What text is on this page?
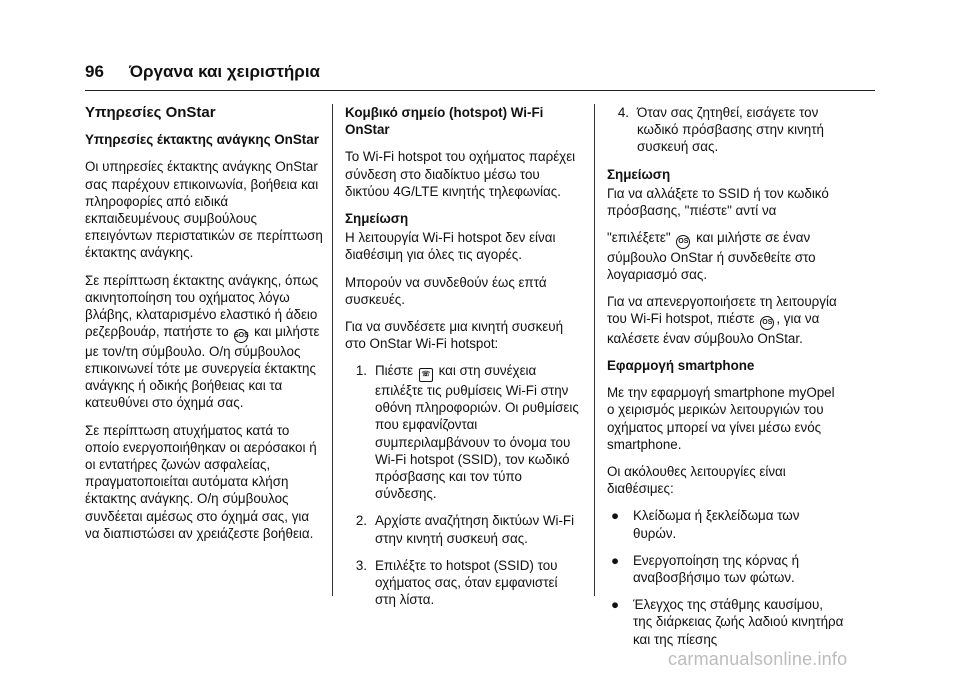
96 Όργανα και χειριστήρια
Υπηρεσίες OnStar
Υπηρεσίες έκτακτης ανάγκης OnStar

Οι υπηρεσίες έκτακτης ανάγκης OnStar σας παρέχουν επικοινωνία, βοήθεια και πληροφορίες από ειδικά εκπαιδευμένους συμβούλους επειγόντων περιστατικών σε περίπτωση έκτακτης ανάγκης.

Σε περίπτωση έκτακτης ανάγκης, όπως ακινητοποίηση του οχήματος λόγω βλάβης, κλαταρισμένο ελαστικό ή άδειο ρεζερβουάρ, πατήστε το SOS και μιλήστε με τον/τη σύμβουλο. Ο/η σύμβουλος επικοινωνεί τότε με συνεργεία έκτακτης ανάγκης ή οδικής βοήθειας και τα κατευθύνει στο όχημά σας.

Σε περίπτωση ατυχήματος κατά το οποίο ενεργοποιήθηκαν οι αερόσακοι ή οι εντατήρες ζωνών ασφαλείας, πραγματοποιείται αυτόματα κλήση έκτακτης ανάγκης. Ο/η σύμβουλος συνδέεται αμέσως στο όχημά σας, για να διαπιστώσει αν χρειάζεστε βοήθεια.

Κομβικό σημείο (hotspot) Wi-Fi OnStar

Το Wi-Fi hotspot του οχήματος παρέχει σύνδεση στο διαδίκτυο μέσω του δικτύου 4G/LTE κινητής τηλεφωνίας.

Σημείωση

Η λειτουργία Wi-Fi hotspot δεν είναι διαθέσιμη για όλες τις αγορές.

Μπορούν να συνδεθούν έως επτά συσκευές.

Για να συνδέσετε μια κινητή συσκευή στο OnStar Wi-Fi hotspot:

1. Πιέστε ☏ και στη συνέχεια επιλέξτε τις ρυθμίσεις Wi-Fi στην οθόνη πληροφοριών. Οι ρυθμίσεις που εμφανίζονται συμπεριλαμβάνουν το όνομα του Wi-Fi hotspot (SSID), τον κωδικό πρόσβασης και τον τύπο σύνδεσης.
2. Αρχίστε αναζήτηση δικτύων Wi-Fi στην κινητή συσκευή σας.
3. Επιλέξτε το hotspot (SSID) του οχήματος σας, όταν εμφανιστεί στη λίστα.
4. Όταν σας ζητηθεί, εισάγετε τον κωδικό πρόσβασης στην κινητή συσκευή σας.
Σημείωση

Για να αλλάξετε το SSID ή τον κωδικό πρόσβασης, "πιέστε" αντί να

"επιλέξετε" OS και μιλήστε σε έναν σύμβουλο OnStar ή συνδεθείτε στο λογαριασμό σας.

Για να απενεργοποιήσετε τη λειτουργία του Wi-Fi hotspot, πιέστε OS , για να καλέσετε έναν σύμβουλο OnStar.

Εφαρμογή smartphone

Με την εφαρμογή smartphone myOpel ο χειρισμός μερικών λειτουργιών του οχήματος μπορεί να γίνει μέσω ενός smartphone.

Οι ακόλουθες λειτουργίες είναι διαθέσιμες:

●	Κλείδωμα ή ξεκλείδωμα των θυρών.
●	Ενεργοποίηση της κόρνας ή αναβοσβήσιμο των φώτων.
●	Έλεγχος της στάθμης καυσίμου, της διάρκειας ζωής λαδιού κινητήρα και της πίεσης
carmanualsonline.info
